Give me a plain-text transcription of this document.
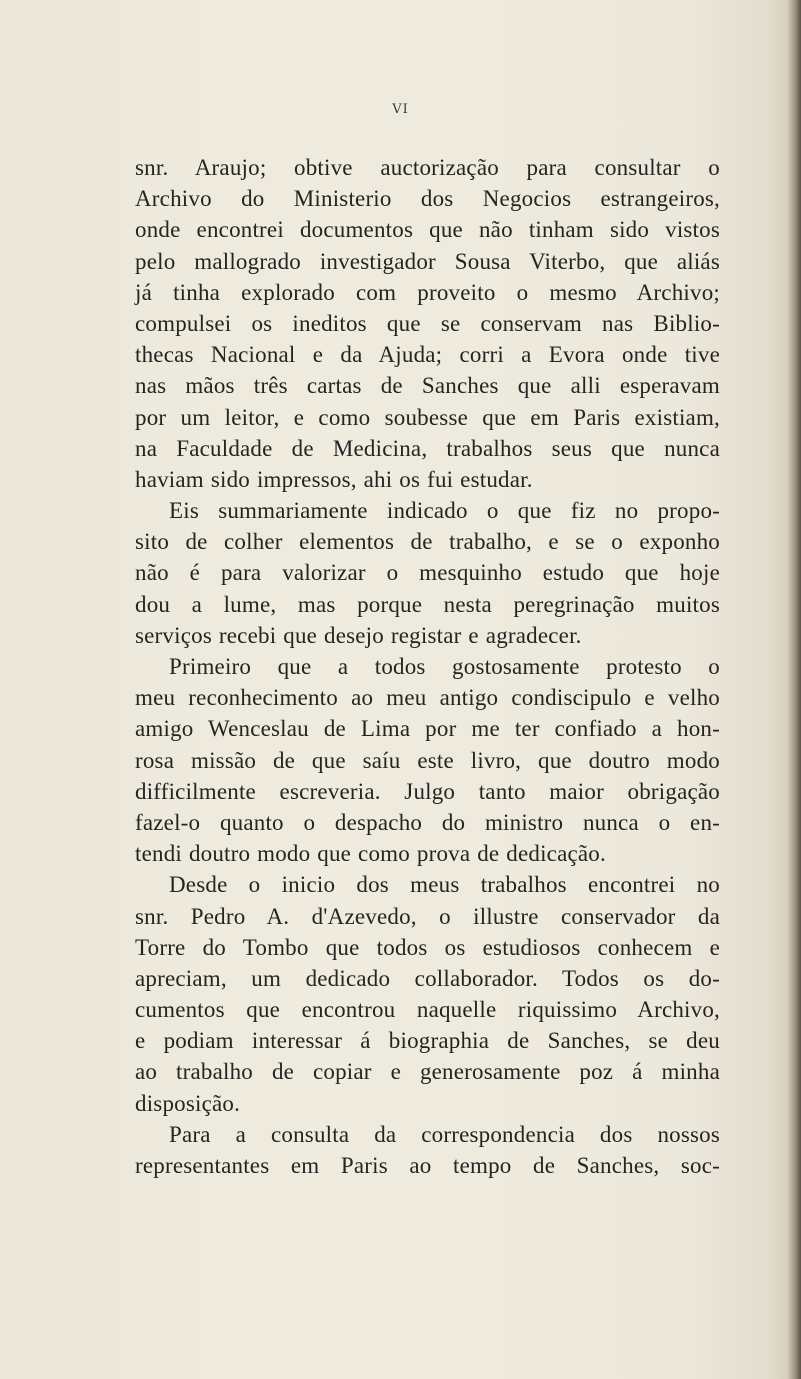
VI
snr. Araujo; obtive auctorização para consultar o
Archivo do Ministerio dos Negocios estrangeiros,
onde encontrei documentos que não tinham sido vistos
pelo mallogrado investigador Sousa Viterbo, que aliás
já tinha explorado com proveito o mesmo Archivo;
compulsei os ineditos que se conservam nas Biblio-
thecas Nacional e da Ajuda; corri a Evora onde tive
nas mãos três cartas de Sanches que alli esperavam
por um leitor, e como soubesse que em Paris existiam,
na Faculdade de Medicina, trabalhos seus que nunca
haviam sido impressos, ahi os fui estudar.
Eis summariamente indicado o que fiz no propo-
sito de colher elementos de trabalho, e se o exponho
não é para valorizar o mesquinho estudo que hoje
dou a lume, mas porque nesta peregrinação muitos
serviços recebi que desejo registar e agradecer.
Primeiro que a todos gostosamente protesto o
meu reconhecimento ao meu antigo condiscipulo e velho
amigo Wenceslau de Lima por me ter confiado a hon-
rosa missão de que saíu este livro, que doutro modo
difficilmente escreveria. Julgo tanto maior obrigação
fazel-o quanto o despacho do ministro nunca o en-
tendi doutro modo que como prova de dedicação.
Desde o inicio dos meus trabalhos encontrei no
snr. Pedro A. d'Azevedo, o illustre conservador da
Torre do Tombo que todos os estudiosos conhecem e
apreciam, um dedicado collaborador. Todos os do-
cumentos que encontrou naquelle riquissimo Archivo,
e podiam interessar á biographia de Sanches, se deu
ao trabalho de copiar e generosamente poz á minha
disposição.
Para a consulta da correspondencia dos nossos
representantes em Paris ao tempo de Sanches, soc-
